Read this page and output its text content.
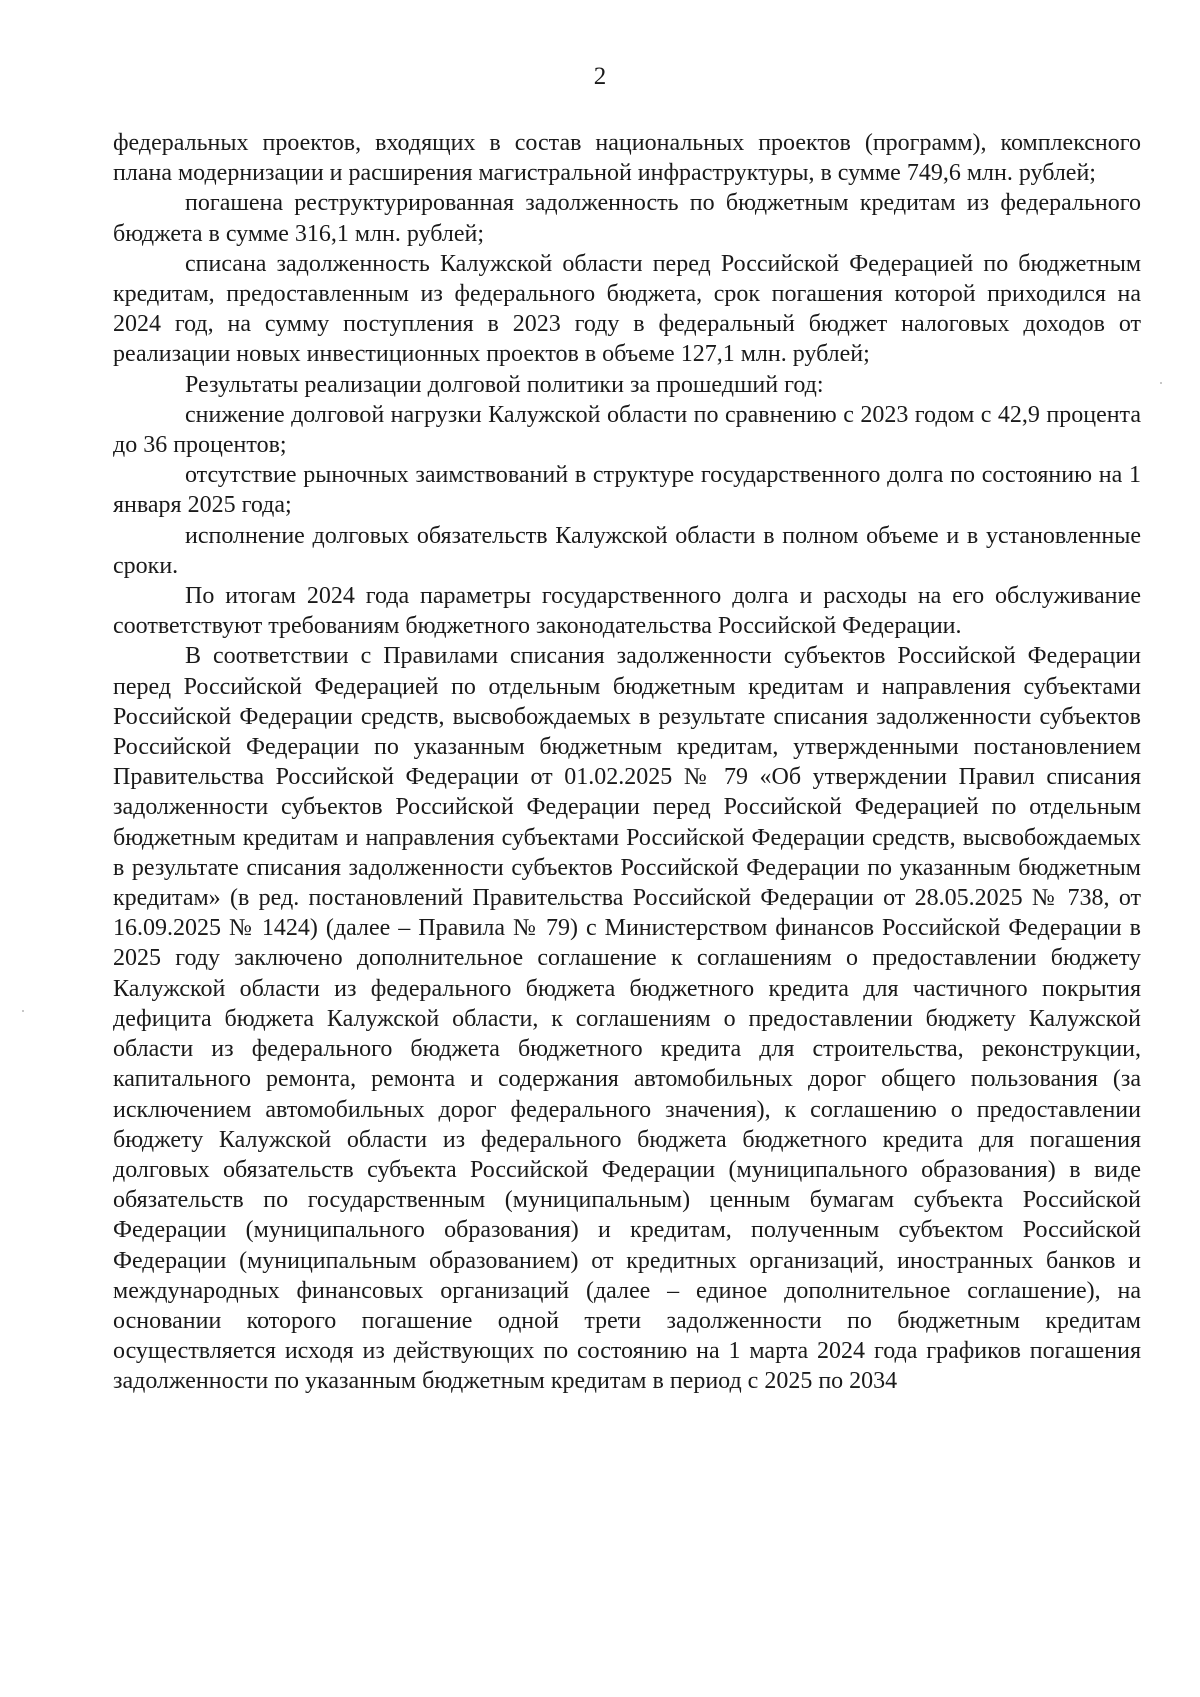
2

федеральных проектов, входящих в состав национальных проектов (программ), комплексного плана модернизации и расширения магистральной инфраструктуры, в сумме 749,6 млн. рублей;

погашена реструктурированная задолженность по бюджетным кредитам из федерального бюджета в сумме 316,1 млн. рублей;

списана задолженность Калужской области перед Российской Федерацией по бюджетным кредитам, предоставленным из федерального бюджета, срок погашения которой приходился на 2024 год, на сумму поступления в 2023 году в федеральный бюджет налоговых доходов от реализации новых инвестиционных проектов в объеме 127,1 млн. рублей;

Результаты реализации долговой политики за прошедший год:

снижение долговой нагрузки Калужской области по сравнению с 2023 годом с 42,9 процента до 36 процентов;

отсутствие рыночных заимствований в структуре государственного долга по состоянию на 1 января 2025 года;

исполнение долговых обязательств Калужской области в полном объеме и в установленные сроки.

По итогам 2024 года параметры государственного долга и расходы на его обслуживание соответствуют требованиям бюджетного законодательства Российской Федерации.

В соответствии с Правилами списания задолженности субъектов Российской Федерации перед Российской Федерацией по отдельным бюджетным кредитам и направления субъектами Российской Федерации средств, высвобождаемых в результате списания задолженности субъектов Российской Федерации по указанным бюджетным кредитам, утвержденными постановлением Правительства Российской Федерации от 01.02.2025 № 79 «Об утверждении Правил списания задолженности субъектов Российской Федерации перед Российской Федерацией по отдельным бюджетным кредитам и направления субъектами Российской Федерации средств, высвобождаемых в результате списания задолженности субъектов Российской Федерации по указанным бюджетным кредитам» (в ред. постановлений Правительства Российской Федерации от 28.05.2025 № 738, от 16.09.2025 № 1424) (далее – Правила № 79) с Министерством финансов Российской Федерации в 2025 году заключено дополнительное соглашение к соглашениям о предоставлении бюджету Калужской области из федерального бюджета бюджетного кредита для частичного покрытия дефицита бюджета Калужской области, к соглашениям о предоставлении бюджету Калужской области из федерального бюджета бюджетного кредита для строительства, реконструкции, капитального ремонта, ремонта и содержания автомобильных дорог общего пользования (за исключением автомобильных дорог федерального значения), к соглашению о предоставлении бюджету Калужской области из федерального бюджета бюджетного кредита для погашения долговых обязательств субъекта Российской Федерации (муниципального образования) в виде обязательств по государственным (муниципальным) ценным бумагам субъекта Российской Федерации (муниципального образования) и кредитам, полученным субъектом Российской Федерации (муниципальным образованием) от кредитных организаций, иностранных банков и международных финансовых организаций (далее – единое дополнительное соглашение), на основании которого погашение одной трети задолженности по бюджетным кредитам осуществляется исходя из действующих по состоянию на 1 марта 2024 года графиков погашения задолженности по указанным бюджетным кредитам в период с 2025 по 2034
